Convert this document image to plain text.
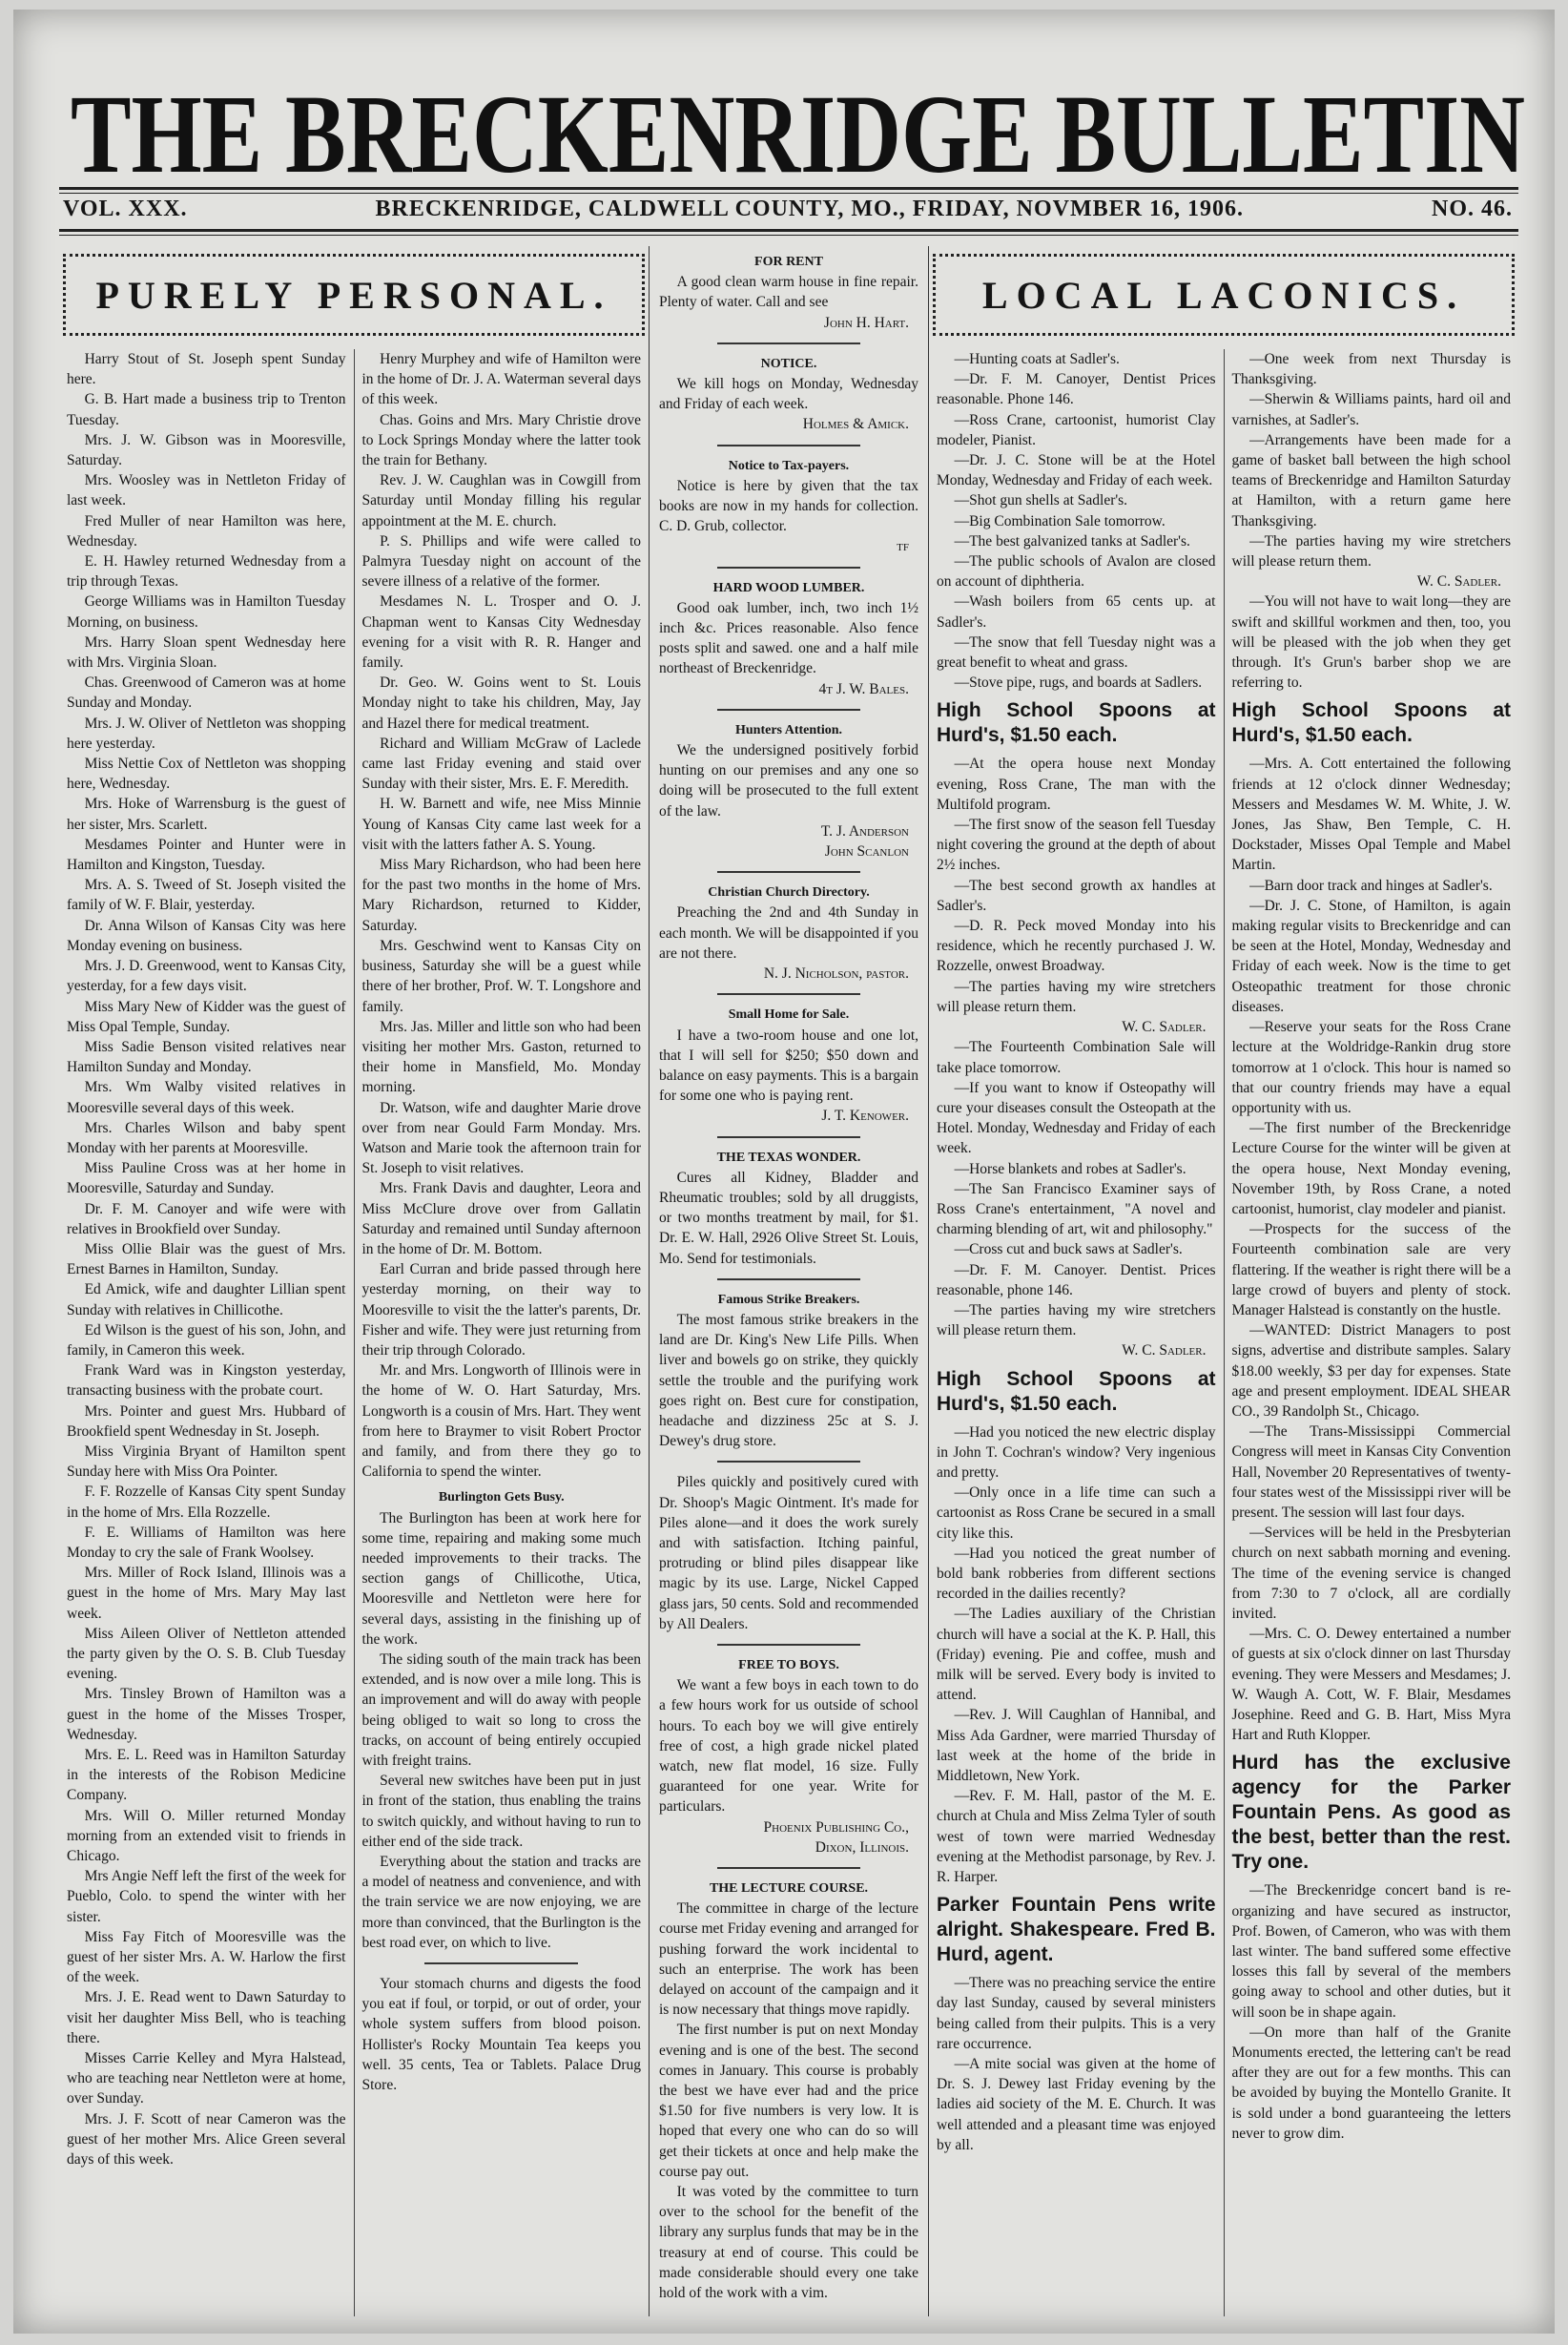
THE BRECKENRIDGE BULLETIN
VOL. XXX.	BRECKENRIDGE, CALDWELL COUNTY, MO., FRIDAY, NOVMBER 16, 1906.	NO. 46.
PURELY PERSONAL.

Harry Stout of St. Joseph spent Sunday here.

G. B. Hart made a business trip to Trenton Tuesday.

Mrs. J. W. Gibson was in Mooresville, Saturday.

Mrs. Woosley was in Nettleton Friday of last week.

Fred Muller of near Hamilton was here, Wednesday.

E. H. Hawley returned Wednesday from a trip through Texas.

George Williams was in Hamilton Tuesday Morning, on business.

Mrs. Harry Sloan spent Wednesday here with Mrs. Virginia Sloan.

Chas. Greenwood of Cameron was at home Sunday and Monday.

Mrs. J. W. Oliver of Nettleton was shopping here yesterday.

Miss Nettie Cox of Nettleton was shopping here, Wednesday.

Mrs. Hoke of Warrensburg is the guest of her sister, Mrs. Scarlett.

Mesdames Pointer and Hunter were in Hamilton and Kingston, Tuesday.

Mrs. A. S. Tweed of St. Joseph visited the family of W. F. Blair, yesterday.

Dr. Anna Wilson of Kansas City was here Monday evening on business.

Mrs. J. D. Greenwood, went to Kansas City, yesterday, for a few days visit.

Miss Mary New of Kidder was the guest of Miss Opal Temple, Sunday.

Miss Sadie Benson visited relatives near Hamilton Sunday and Monday.

Mrs. Wm Walby visited relatives in Mooresville several days of this week.

Mrs. Charles Wilson and baby spent Monday with her parents at Mooresville.

Miss Pauline Cross was at her home in Mooresville, Saturday and Sunday.

Dr. F. M. Canoyer and wife were with relatives in Brookfield over Sunday.

Miss Ollie Blair was the guest of Mrs. Ernest Barnes in Hamilton, Sunday.

Ed Amick, wife and daughter Lillian spent Sunday with relatives in Chillicothe.

Ed Wilson is the guest of his son, John, and family, in Cameron this week.

Frank Ward was in Kingston yesterday, transacting business with the probate court.

Mrs. Pointer and guest Mrs. Hubbard of Brookfield spent Wednesday in St. Joseph.

Miss Virginia Bryant of Hamilton spent Sunday here with Miss Ora Pointer.

F. F. Rozzelle of Kansas City spent Sunday in the home of Mrs. Ella Rozzelle.

F. E. Williams of Hamilton was here Monday to cry the sale of Frank Woolsey.

Mrs. Miller of Rock Island, Illinois was a guest in the home of Mrs. Mary May last week.

Miss Aileen Oliver of Nettleton attended the party given by the O. S. B. Club Tuesday evening.

Mrs. Tinsley Brown of Hamilton was a guest in the home of the Misses Trosper, Wednesday.

Mrs. E. L. Reed was in Hamilton Saturday in the interests of the Robison Medicine Company.

Mrs. Will O. Miller returned Monday morning from an extended visit to friends in Chicago.

Mrs Angie Neff left the first of the week for Pueblo, Colo. to spend the winter with her sister.

Miss Fay Fitch of Mooresville was the guest of her sister Mrs. A. W. Harlow the first of the week.

Mrs. J. E. Read went to Dawn Saturday to visit her daughter Miss Bell, who is teaching there.

Misses Carrie Kelley and Myra Halstead, who are teaching near Nettleton were at home, over Sunday.

Mrs. J. F. Scott of near Cameron was the guest of her mother Mrs. Alice Green several days of this week.

Henry Murphey and wife of Hamilton were in the home of Dr. J. A. Waterman several days of this week.

Chas. Goins and Mrs. Mary Christie drove to Lock Springs Monday where the latter took the train for Bethany.

Rev. J. W. Caughlan was in Cowgill from Saturday until Monday filling his regular appointment at the M. E. church.

P. S. Phillips and wife were called to Palmyra Tuesday night on account of the severe illness of a relative of the former.

Mesdames N. L. Trosper and O. J. Chapman went to Kansas City Wednesday evening for a visit with R. R. Hanger and family.

Dr. Geo. W. Goins went to St. Louis Monday night to take his children, May, Jay and Hazel there for medical treatment.

Richard and William McGraw of Laclede came last Friday evening and staid over Sunday with their sister, Mrs. E. F. Meredith.

H. W. Barnett and wife, nee Miss Minnie Young of Kansas City came last week for a visit with the latters father A. S. Young.

Miss Mary Richardson, who had been here for the past two months in the home of Mrs. Mary Richardson, returned to Kidder, Saturday.

Mrs. Geschwind went to Kansas City on business, Saturday she will be a guest while there of her brother, Prof. W. T. Longshore and family.

Mrs. Jas. Miller and little son who had been visiting her mother Mrs. Gaston, returned to their home in Mansfield, Mo. Monday morning.

Dr. Watson, wife and daughter Marie drove over from near Gould Farm Monday. Mrs. Watson and Marie took the afternoon train for St. Joseph to visit relatives.

Mrs. Frank Davis and daughter, Leora and Miss McClure drove over from Gallatin Saturday and remained until Sunday afternoon in the home of Dr. M. Bottom.

Earl Curran and bride passed through here yesterday morning, on their way to Mooresville to visit the the latter's parents, Dr. Fisher and wife. They were just returning from their trip through Colorado.

Mr. and Mrs. Longworth of Illinois were in the home of W. O. Hart Saturday, Mrs. Longworth is a cousin of Mrs. Hart. They went from here to Braymer to visit Robert Proctor and family, and from there they go to California to spend the winter.

Burlington Gets Busy.

The Burlington has been at work here for some time, repairing and making some much needed improvements to their tracks. The section gangs of Chillicothe, Utica, Mooresville and Nettleton were here for several days, assisting in the finishing up of the work.

The siding south of the main track has been extended, and is now over a mile long. This is an improvement and will do away with people being obliged to wait so long to cross the tracks, on account of being entirely occupied with freight trains.

Several new switches have been put in just in front of the station, thus enabling the trains to switch quickly, and without having to run to either end of the side track.

Everything about the station and tracks are a model of neatness and convenience, and with the train service we are now enjoying, we are more than convinced, that the Burlington is the best road ever, on which to live.

Your stomach churns and digests the food you eat if foul, or torpid, or out of order, your whole system suffers from blood poison. Hollister's Rocky Mountain Tea keeps you well. 35 cents, Tea or Tablets. Palace Drug Store.

FOR RENT

A good clean warm house in fine repair. Plenty of water. Call and see

John H. Hart.

NOTICE.

We kill hogs on Monday, Wednesday and Friday of each week.

Holmes & Amick.

Notice to Tax-payers.

Notice is here by given that the tax books are now in my hands for collection. C. D. Grub, collector.

tf

HARD WOOD LUMBER.

Good oak lumber, inch, two inch 1½ inch &c. Prices reasonable. Also fence posts split and sawed. one and a half mile northeast of Breckenridge.

4t J. W. Bales.

Hunters Attention.

We the undersigned positively forbid hunting on our premises and any one so doing will be prosecuted to the full extent of the law.

T. J. Anderson

John Scanlon

Christian Church Directory.

Preaching the 2nd and 4th Sunday in each month. We will be disappointed if you are not there.

N. J. Nicholson, pastor.

Small Home for Sale.

I have a two-room house and one lot, that I will sell for $250; $50 down and balance on easy payments. This is a bargain for some one who is paying rent.

J. T. Kenower.

THE TEXAS WONDER.

Cures all Kidney, Bladder and Rheumatic troubles; sold by all druggists, or two months treatment by mail, for $1. Dr. E. W. Hall, 2926 Olive Street St. Louis, Mo. Send for testimonials.

Famous Strike Breakers.

The most famous strike breakers in the land are Dr. King's New Life Pills. When liver and bowels go on strike, they quickly settle the trouble and the purifying work goes right on. Best cure for constipation, headache and dizziness 25c at S. J. Dewey's drug store.

Piles quickly and positively cured with Dr. Shoop's Magic Ointment. It's made for Piles alone—and it does the work surely and with satisfaction. Itching painful, protruding or blind piles disappear like magic by its use. Large, Nickel Capped glass jars, 50 cents. Sold and recommended by All Dealers.

FREE TO BOYS.

We want a few boys in each town to do a few hours work for us outside of school hours. To each boy we will give entirely free of cost, a high grade nickel plated watch, new flat model, 16 size. Fully guaranteed for one year. Write for particulars.

Phoenix Publishing Co.,

Dixon, Illinois.

THE LECTURE COURSE.

The committee in charge of the lecture course met Friday evening and arranged for pushing forward the work incidental to such an enterprise. The work has been delayed on account of the campaign and it is now necessary that things move rapidly.

The first number is put on next Monday evening and is one of the best. The second comes in January. This course is probably the best we have ever had and the price $1.50 for five numbers is very low. It is hoped that every one who can do so will get their tickets at once and help make the course pay out.

It was voted by the committee to turn over to the school for the benefit of the library any surplus funds that may be in the treasury at end of course. This could be made considerable should every one take hold of the work with a vim.

LOCAL LACONICS.

—Hunting coats at Sadler's.

—Dr. F. M. Canoyer, Dentist Prices reasonable. Phone 146.

—Ross Crane, cartoonist, humorist Clay modeler, Pianist.

—Dr. J. C. Stone will be at the Hotel Monday, Wednesday and Friday of each week.

—Shot gun shells at Sadler's.

—Big Combination Sale tomorrow.

—The best galvanized tanks at Sadler's.

—The public schools of Avalon are closed on account of diphtheria.

—Wash boilers from 65 cents up. at Sadler's.

—The snow that fell Tuesday night was a great benefit to wheat and grass.

—Stove pipe, rugs, and boards at Sadlers.

High School Spoons at Hurd's, $1.50 each.

—At the opera house next Monday evening, Ross Crane, The man with the Multifold program.

—The first snow of the season fell Tuesday night covering the ground at the depth of about 2½ inches.

—The best second growth ax handles at Sadler's.

—D. R. Peck moved Monday into his residence, which he recently purchased J. W. Rozzelle, onwest Broadway.

—The parties having my wire stretchers will please return them.

W. C. Sadler.

—The Fourteenth Combination Sale will take place tomorrow.

—If you want to know if Osteopathy will cure your diseases consult the Osteopath at the Hotel. Monday, Wednesday and Friday of each week.

—Horse blankets and robes at Sadler's.

—The San Francisco Examiner says of Ross Crane's entertainment, "A novel and charming blending of art, wit and philosophy."

—Cross cut and buck saws at Sadler's.

—Dr. F. M. Canoyer. Dentist. Prices reasonable, phone 146.

—The parties having my wire stretchers will please return them.

W. C. Sadler.

High School Spoons at Hurd's, $1.50 each.

—Had you noticed the new electric display in John T. Cochran's window? Very ingenious and pretty.

—Only once in a life time can such a cartoonist as Ross Crane be secured in a small city like this.

—Had you noticed the great number of bold bank robberies from different sections recorded in the dailies recently?

—The Ladies auxiliary of the Christian church will have a social at the K. P. Hall, this (Friday) evening. Pie and coffee, mush and milk will be served. Every body is invited to attend.

—Rev. J. Will Caughlan of Hannibal, and Miss Ada Gardner, were married Thursday of last week at the home of the bride in Middletown, New York.

—Rev. F. M. Hall, pastor of the M. E. church at Chula and Miss Zelma Tyler of south west of town were married Wednesday evening at the Methodist parsonage, by Rev. J. R. Harper.

Parker Fountain Pens write alright. Shakespeare. Fred B. Hurd, agent.

—There was no preaching service the entire day last Sunday, caused by several ministers being called from their pulpits. This is a very rare occurrence.

—A mite social was given at the home of Dr. S. J. Dewey last Friday evening by the ladies aid society of the M. E. Church. It was well attended and a pleasant time was enjoyed by all.

—One week from next Thursday is Thanksgiving.

—Sherwin & Williams paints, hard oil and varnishes, at Sadler's.

—Arrangements have been made for a game of basket ball between the high school teams of Breckenridge and Hamilton Saturday at Hamilton, with a return game here Thanksgiving.

—The parties having my wire stretchers will please return them.

W. C. Sadler.

—You will not have to wait long—they are swift and skillful workmen and then, too, you will be pleased with the job when they get through. It's Grun's barber shop we are referring to.

High School Spoons at Hurd's, $1.50 each.

—Mrs. A. Cott entertained the following friends at 12 o'clock dinner Wednesday; Messers and Mesdames W. M. White, J. W. Jones, Jas Shaw, Ben Temple, C. H. Dockstader, Misses Opal Temple and Mabel Martin.

—Barn door track and hinges at Sadler's.

—Dr. J. C. Stone, of Hamilton, is again making regular visits to Breckenridge and can be seen at the Hotel, Monday, Wednesday and Friday of each week. Now is the time to get Osteopathic treatment for those chronic diseases.

—Reserve your seats for the Ross Crane lecture at the Woldridge-Rankin drug store tomorrow at 1 o'clock. This hour is named so that our country friends may have a equal opportunity with us.

—The first number of the Breckenridge Lecture Course for the winter will be given at the opera house, Next Monday evening, November 19th, by Ross Crane, a noted cartoonist, humorist, clay modeler and pianist.

—Prospects for the success of the Fourteenth combination sale are very flattering. If the weather is right there will be a large crowd of buyers and plenty of stock. Manager Halstead is constantly on the hustle.

—WANTED: District Managers to post signs, advertise and distribute samples. Salary $18.00 weekly, $3 per day for expenses. State age and present employment. IDEAL SHEAR CO., 39 Randolph St., Chicago.

—The Trans-Mississippi Commercial Congress will meet in Kansas City Convention Hall, November 20 Representatives of twenty-four states west of the Mississippi river will be present. The session will last four days.

—Services will be held in the Presbyterian church on next sabbath morning and evening. The time of the evening service is changed from 7:30 to 7 o'clock, all are cordially invited.

—Mrs. C. O. Dewey entertained a number of guests at six o'clock dinner on last Thursday evening. They were Messers and Mesdames; J. W. Waugh A. Cott, W. F. Blair, Mesdames Josephine. Reed and G. B. Hart, Miss Myra Hart and Ruth Klopper.

Hurd has the exclusive agency for the Parker Fountain Pens. As good as the best, better than the rest. Try one.

—The Breckenridge concert band is re-organizing and have secured as instructor, Prof. Bowen, of Cameron, who was with them last winter. The band suffered some effective losses this fall by several of the members going away to school and other duties, but it will soon be in shape again.

—On more than half of the Granite Monuments erected, the lettering can't be read after they are out for a few months. This can be avoided by buying the Montello Granite. It is sold under a bond guaranteeing the letters never to grow dim.
